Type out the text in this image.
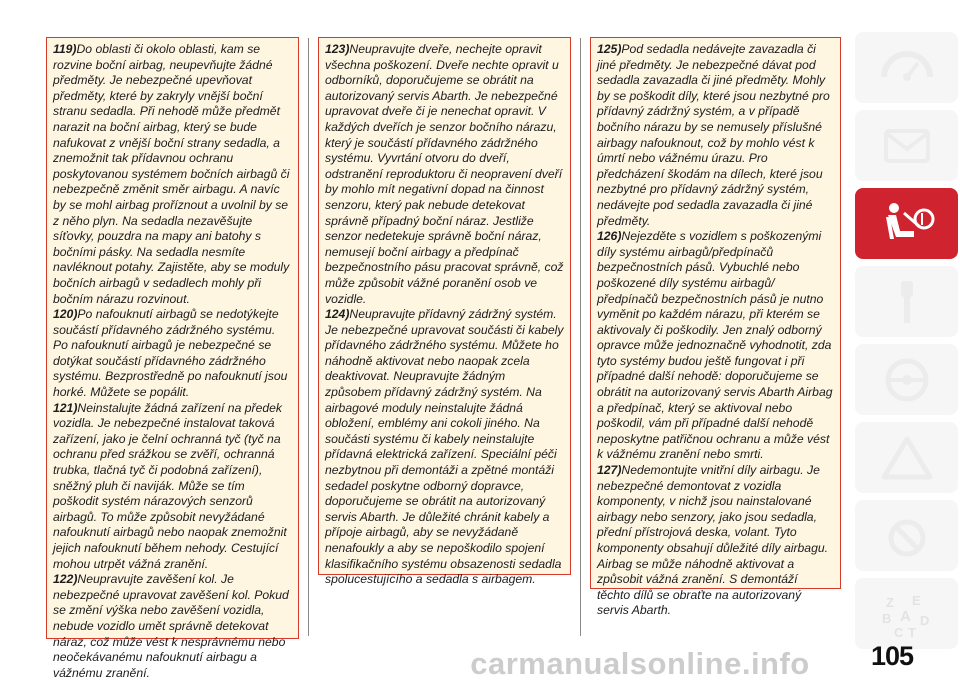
119)Do oblasti či okolo oblasti, kam se rozvine boční airbag, neupevňujte žádné předměty. Je nebezpečné upevňovat předměty, které by zakryly vnější boční stranu sedadla. Při nehodě může předmět narazit na boční airbag, který se bude nafukovat z vnější boční strany sedadla, a znemožnit tak přídavnou ochranu poskytovanou systémem bočních airbagů či nebezpečně změnit směr airbagu. A navíc by se mohl airbag proříznout a uvolnil by se z něho plyn. Na sedadla nezavěšujte síťovky, pouzdra na mapy ani batohy s bočními pásky. Na sedadla nesmíte navléknout potahy. Zajistěte, aby se moduly bočních airbagů v sedadlech mohly při bočním nárazu rozvinout.

120)Po nafouknutí airbagů se nedotýkejte součástí přídavného zádržného systému. Po nafouknutí airbagů je nebezpečné se dotýkat součástí přídavného zádržného systému. Bezprostředně po nafouknutí jsou horké. Můžete se popálit.

121)Neinstalujte žádná zařízení na předek vozidla. Je nebezpečné instalovat taková zařízení, jako je čelní ochranná tyč (tyč na ochranu před srážkou se zvěří, ochranná trubka, tlačná tyč či podobná zařízení), sněžný pluh či naviják. Může se tím poškodit systém nárazových senzorů airbagů. To může způsobit nevyžádané nafouknutí airbagů nebo naopak znemožnit jejich nafouknutí během nehody. Cestující mohou utrpět vážná zranění.

122)Neupravujte zavěšení kol. Je nebezpečné upravovat zavěšení kol. Pokud se změní výška nebo zavěšení vozidla, nebude vozidlo umět správně detekovat náraz, což může vést k nesprávnému nebo neočekávanému nafouknutí airbagu a vážnému zranění.

123)Neupravujte dveře, nechejte opravit všechna poškození. Dveře nechte opravit u odborníků, doporučujeme se obrátit na autorizovaný servis Abarth. Je nebezpečné upravovat dveře či je nenechat opravit. V každých dveřích je senzor bočního nárazu, který je součástí přídavného zádržného systému. Vyvrtání otvoru do dveří, odstranění reproduktoru či neopravení dveří by mohlo mít negativní dopad na činnost senzoru, který pak nebude detekovat správně případný boční náraz. Jestliže senzor nedetekuje správně boční náraz, nemusejí boční airbagy a předpínač bezpečnostního pásu pracovat správně, což může způsobit vážné poranění osob ve vozidle.

124)Neupravujte přídavný zádržný systém. Je nebezpečné upravovat součásti či kabely přídavného zádržného systému. Můžete ho náhodně aktivovat nebo naopak zcela deaktivovat. Neupravujte žádným způsobem přídavný zádržný systém. Na airbagové moduly neinstalujte žádná obložení, emblémy ani cokoli jiného. Na součásti systému či kabely neinstalujte přídavná elektrická zařízení. Speciální péči nezbytnou při demontáži a zpětné montáži sedadel poskytne odborný dopravce, doporučujeme se obrátit na autorizovaný servis Abarth. Je důležité chránit kabely a přípoje airbagů, aby se nevyžádaně nenafoukly a aby se nepoškodilo spojení klasifikačního systému obsazenosti sedadla spolucestujícího a sedadla s airbagem.

125)Pod sedadla nedávejte zavazadla či jiné předměty. Je nebezpečné dávat pod sedadla zavazadla či jiné předměty. Mohly by se poškodit díly, které jsou nezbytné pro přídavný zádržný systém, a v případě bočního nárazu by se nemusely příslušné airbagy nafouknout, což by mohlo vést k úmrtí nebo vážnému úrazu. Pro předcházení škodám na dílech, které jsou nezbytné pro přídavný zádržný systém, nedávejte pod sedadla zavazadla či jiné předměty.

126)Nejezděte s vozidlem s poškozenými díly systému airbagů/předpínačů bezpečnostních pásů. Vybuchlé nebo poškozené díly systému airbagů/ předpínačů bezpečnostních pásů je nutno vyměnit po každém nárazu, při kterém se aktivovaly či poškodily. Jen znalý odborný opravce může jednoznačně vyhodnotit, zda tyto systémy budou ještě fungovat i při případné další nehodě: doporučujeme se obrátit na autorizovaný servis Abarth Airbag a předpínač, který se aktivoval nebo poškodil, vám při případné další nehodě neposkytne patřičnou ochranu a může vést k vážnému zranění nebo smrti.

127)Nedemontujte vnitřní díly airbagu. Je nebezpečné demontovat z vozidla komponenty, v nichž jsou nainstalované airbagy nebo senzory, jako jsou sedadla, přední přístrojová deska, volant. Tyto komponenty obsahují důležité díly airbagu. Airbag se může náhodně aktivovat a způsobit vážná zranění. S demontáží těchto dílů se obraťte na autorizovaný servis Abarth.

Z E
B A D
C T
105
carmanualsonline.info
